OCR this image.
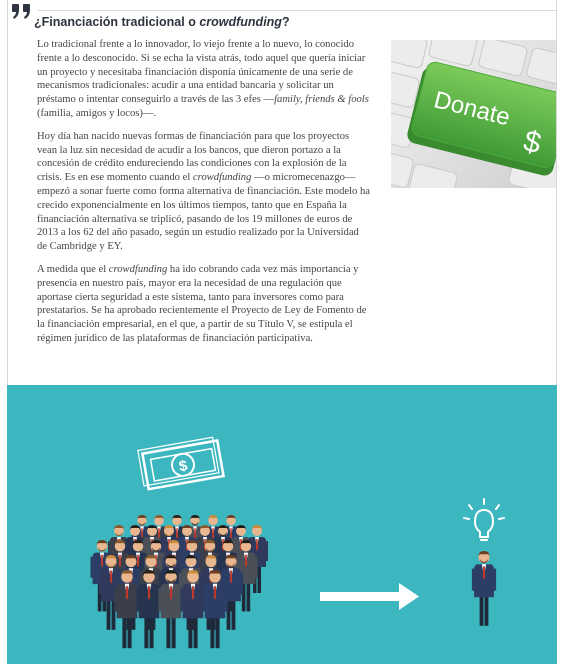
¿Financiación tradicional o crowdfunding?

Lo tradicional frente a lo innovador, lo viejo frente a lo nuevo, lo conocido frente a lo desconocido. Si se echa la vista atrás, todo aquel que quería iniciar un proyecto y necesitaba financiación disponía únicamente de una serie de mecanismos tradicionales: acudir a una entidad bancaria y solicitar un préstamo o intentar conseguirlo a través de las 3 efes —family, friends & fools (familia, amigos y locos)—.

Hoy día han nacido nuevas formas de financiación para que los proyectos vean la luz sin necesidad de acudir a los bancos, que dieron portazo a la concesión de crédito endureciendo las condiciones con la explosión de la crisis. Es en ese momento cuando el crowdfunding —o micromecenazgo— empezó a sonar fuerte como forma alternativa de financiación. Este modelo ha crecido exponencialmente en los últimos tiempos, tanto que en España la financiación alternativa se triplicó, pasando de los 19 millones de euros de 2013 a los 62 del año pasado, según un estudio realizado por la Universidad de Cambridge y EY.

A medida que el crowdfunding ha ido cobrando cada vez más importancia y presencia en nuestro país, mayor era la necesidad de una regulación que aportase cierta seguridad a este sistema, tanto para inversores como para prestatarios. Se ha aprobado recientemente el Proyecto de Ley de Fomento de la financiación empresarial, en el que, a partir de su Título V, se estipula el régimen jurídico de las plataformas de financiación participativa.

Donate
$
$
